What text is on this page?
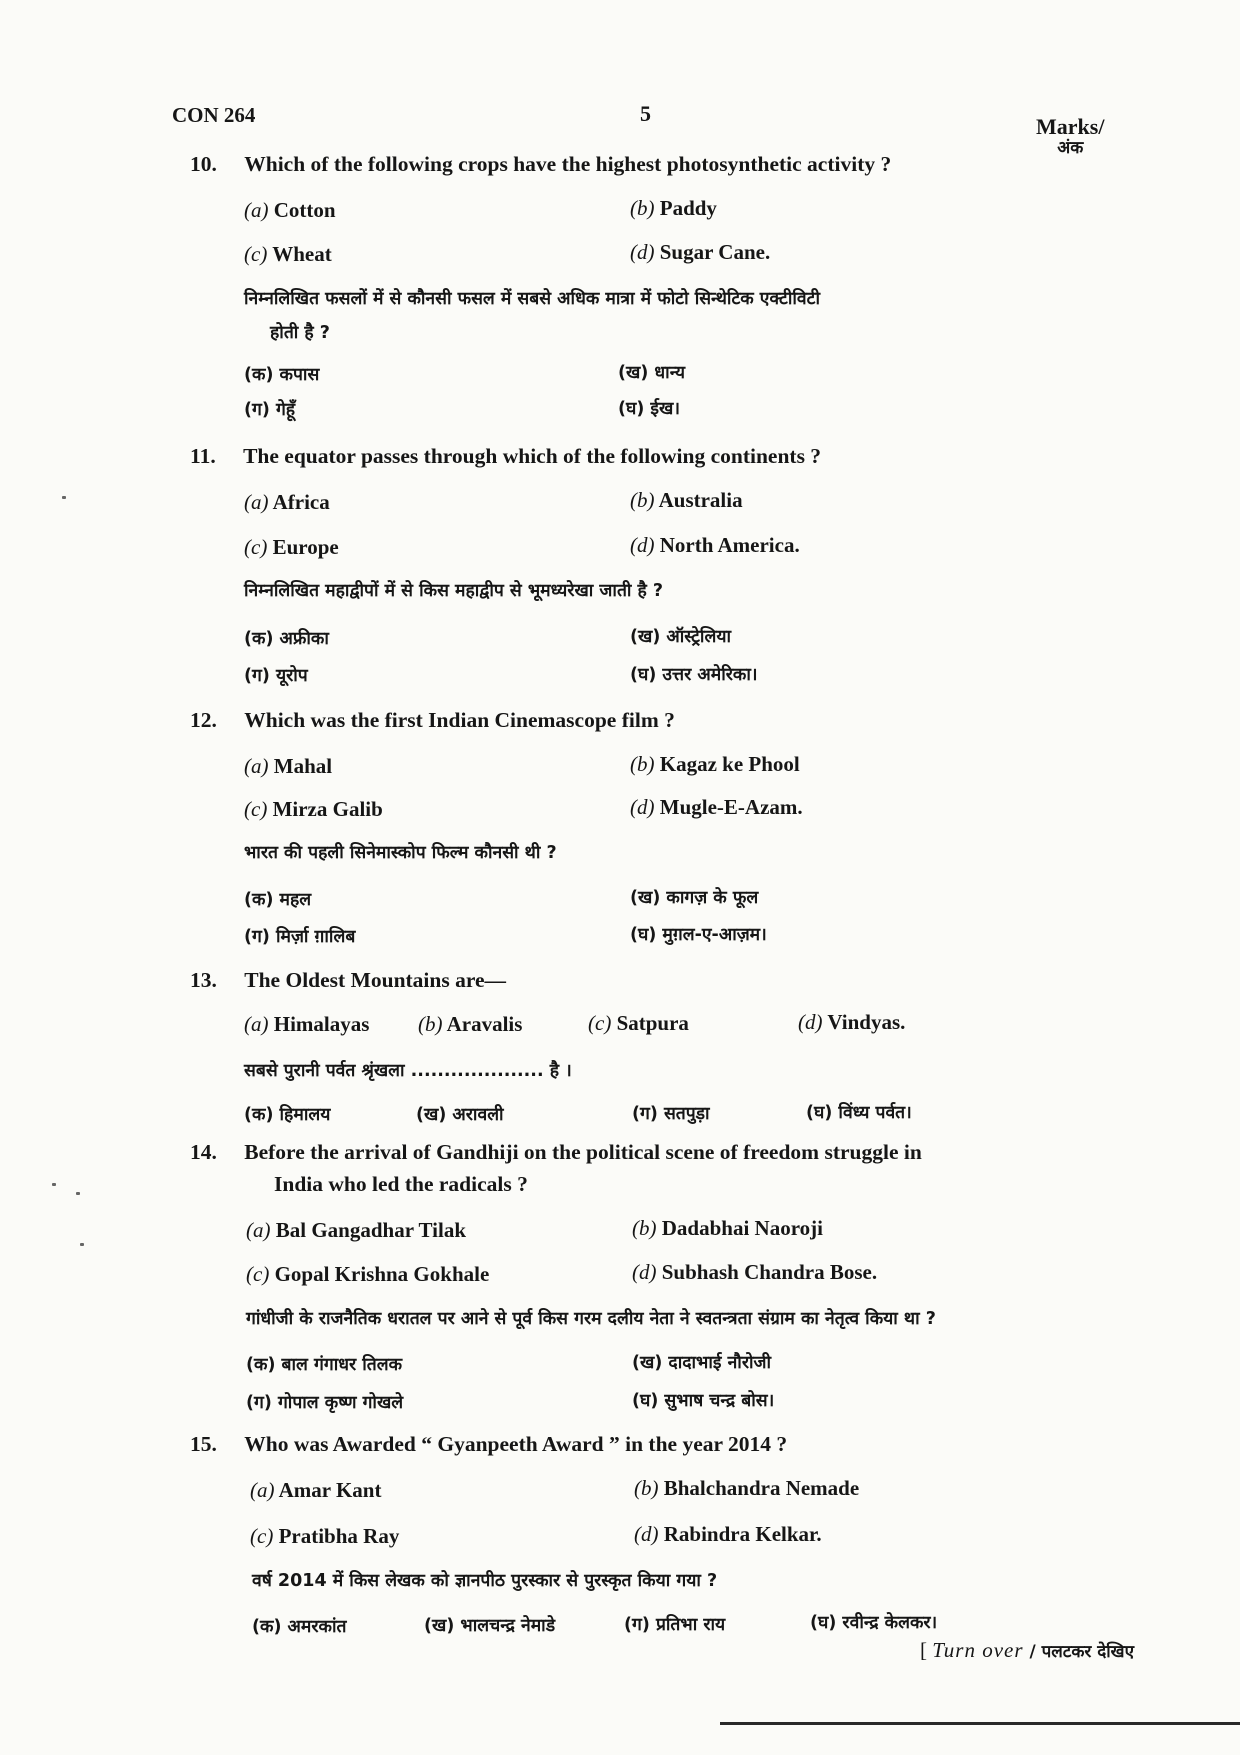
CON 264	5
Marks/
अंक
10. Which of the following crops have the highest photosynthetic activity ?
(a) Cotton	(b) Paddy
(c) Wheat	(d) Sugar Cane.
निम्नलिखित फसलों में से कौनसी फसल में सबसे अधिक मात्रा में फोटो सिन्थेटिक एक्टीविटी
होती है ?
(क) कपास	(ख) धान्य
(ग) गेहूँ	(घ) ईख।
11. The equator passes through which of the following continents ?
(a) Africa	(b) Australia
(c) Europe	(d) North America.
निम्नलिखित महाद्वीपों में से किस महाद्वीप से भूमध्यरेखा जाती है ?
(क) अफ्रीका	(ख) ऑस्ट्रेलिया
(ग) यूरोप	(घ) उत्तर अमेरिका।
12. Which was the first Indian Cinemascope film ?
(a) Mahal	(b) Kagaz ke Phool
(c) Mirza Galib	(d) Mugle-E-Azam.
भारत की पहली सिनेमास्कोप फिल्म कौनसी थी ?
(क) महल	(ख) कागज़ के फूल
(ग) मिर्ज़ा ग़ालिब	(घ) मुग़ल-ए-आज़म।
13. The Oldest Mountains are—
(a) Himalayas (b) Aravalis	(c) Satpura	(d) Vindyas.
सबसे पुरानी पर्वत श्रृंखला .................... है ।
(क) हिमालय	(ख) अरावली	(ग) सतपुड़ा	(घ) विंध्य पर्वत।
14. Before the arrival of Gandhiji on the political scene of freedom struggle in
India who led the radicals ?
(a) Bal Gangadhar Tilak	(b) Dadabhai Naoroji
(c) Gopal Krishna Gokhale	(d) Subhash Chandra Bose.
गांधीजी के राजनैतिक धरातल पर आने से पूर्व किस गरम दलीय नेता ने स्वतन्त्रता संग्राम का नेतृत्व किया था ?
(क) बाल गंगाधर तिलक	(ख) दादाभाई नौरोजी
(ग) गोपाल कृष्ण गोखले	(घ) सुभाष चन्द्र बोस।
15. Who was Awarded “ Gyanpeeth Award ” in the year 2014 ?
(a) Amar Kant	(b) Bhalchandra Nemade
(c) Pratibha Ray	(d) Rabindra Kelkar.
वर्ष 2014 में किस लेखक को ज्ञानपीठ पुरस्कार से पुरस्कृत किया गया ?
(क) अमरकांत	(ख) भालचन्द्र नेमाडे	(ग) प्रतिभा राय	(घ) रवीन्द्र केलकर।
[ Turn over / पलटकर देखिए
